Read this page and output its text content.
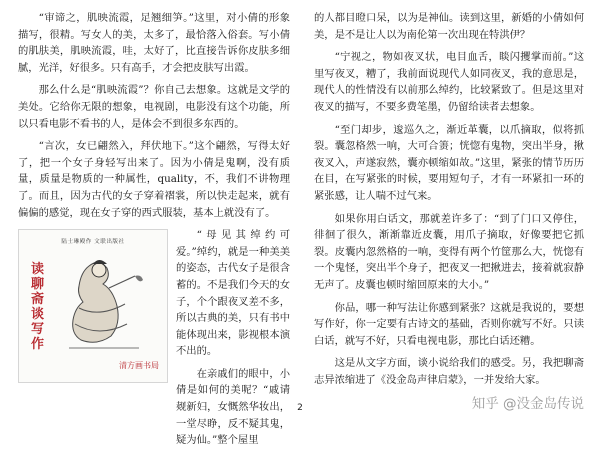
“审谛之，肌映流霞，足翘细笋。”这里，对小倩的形象描写，很精。写女人的美，太多了，最恰落入俗套。写小倩的肌肤美，肌映流霞，哇，太好了，比直接告诉你皮肤多细腻，光洋，好很多。只有高手，才会把皮肤写出霞。

那么什么是“肌映流霞”？你自己去想象。这就是文学的美处。它给你无限的想象，电视剧，电影没有这个功能，所以只看电影不看书的人，是体会不到很多东西的。

“言次，女已翩然入，拜伏地下。”这个翩然，写得太好了，把一个女子身轻写出来了。因为小倩是鬼啊，没有质量，质量是物质的一种属性，quality，不，我们不讲物理了。而且，因为古代的女子穿着褶裳，所以快走起来，就有偏偏的感觉，现在女子穿的西式服装，基本上就没有了。

陆士琳殿作 文联出版社
读聊斋谈写作
清方画书局

“母见其绰约可爱。”绰约，就是一种美美的姿态，古代女子是很含蓄的。不是我们今天的女子，个个跟夜叉差不多，所以古典的美，只有书中能体现出来，影视根本演不出的。

在亲戚们的眼中，小倩是如何的美呢？“戚请觌新妇，女慨然华妆出，一堂尽睁，反不疑其鬼，疑为仙。”整个屋里

的人都目瞪口呆，以为是神仙。读到这里，新婚的小倩如何美，是不是让人以为南伦第一次出现在特洪伊？

“宁视之，物如夜叉状，电目血舌，睒闪攫掌而前。”这里写夜叉，糟了，我前面说现代人如同夜叉，我的意思是，现代人的性情没有以前那么绰约，比较紧致了。但是这里对夜叉的描写，不要多费笔墨，仍留给读者去想象。

“至门却步，逡巡久之，渐近革囊，以爪摘取，似将抓裂。囊忽格然一响，大可合箦；恍惚有鬼物，突出半身，揪夜叉入，声遂寂然，囊亦顿缩如故。”这里，紧张的情节历历在目，在写紧张的时候，要用短句子，才有一环紧扣一环的紧张感，让人喘不过气来。

如果你用白话文，那就差许多了：“到了门口又停住，徘徊了很久，渐渐靠近皮囊，用爪子摘取，好像要把它抓裂。皮囊内忽然格的一响，变得有两个竹筐那么大，恍惚有一个鬼怪，突出半个身子，把夜叉一把揪进去，接着就寂静无声了。皮囊也顿时缩回原来的大小。”

你品，哪一种写法让你感到紧张？这就是我说的，要想写作好，你一定要有古诗文的基础，否则你就写不好。只读白话，就写不好，只看电视电影，那比白话还糟。

这是从文字方面，谈小说给我们的感受。另，我把聊斋志异浓缩进了《没金岛声律启蒙》，一并发给大家。

2	知乎 @没金岛传说
